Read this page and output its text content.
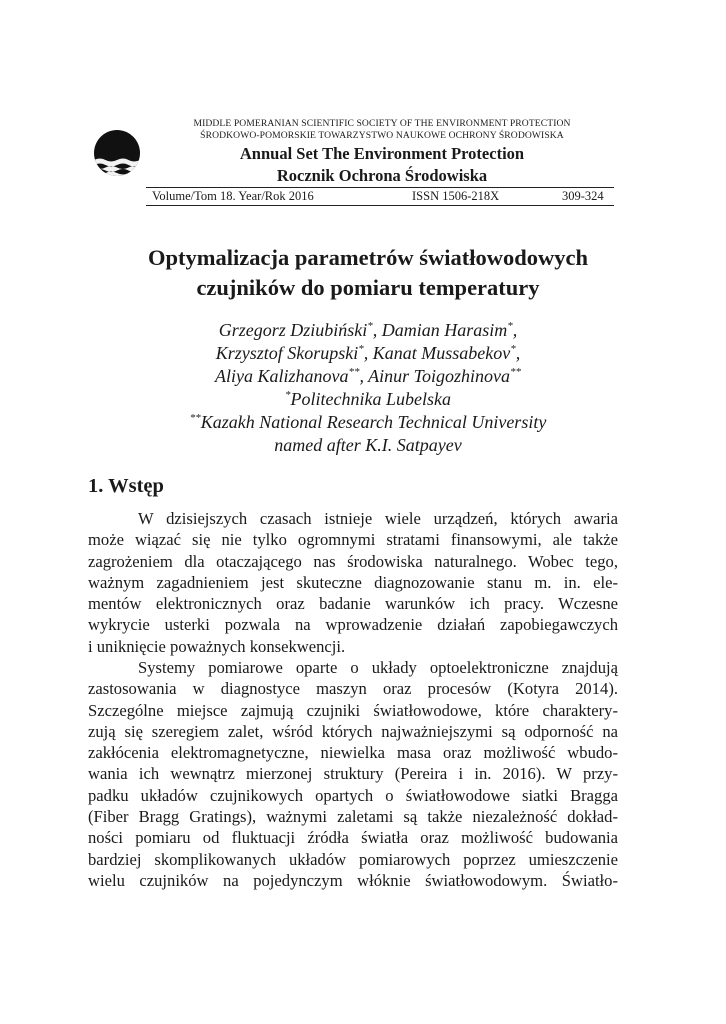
MIDDLE POMERANIAN SCIENTIFIC SOCIETY OF THE ENVIRONMENT PROTECTION
ŚRODKOWO-POMORSKIE TOWARZYSTWO NAUKOWE OCHRONY ŚRODOWISKA
Annual Set The Environment Protection
Rocznik Ochrona Środowiska
Volume/Tom 18. Year/Rok 2016	ISSN 1506-218X	309-324
Optymalizacja parametrów światłowodowych
czujników do pomiaru temperatury
Grzegorz Dziubiński*, Damian Harasim*,
Krzysztof Skorupski*, Kanat Mussabekov*,
Aliya Kalizhanova**, Ainur Toigozhinova**
*Politechnika Lubelska
**Kazakh National Research Technical University
named after K.I. Satpayev
1. Wstęp
W dzisiejszych czasach istnieje wiele urządzeń, których awaria
może wiązać się nie tylko ogromnymi stratami finansowymi, ale także
zagrożeniem dla otaczającego nas środowiska naturalnego. Wobec tego,
ważnym zagadnieniem jest skuteczne diagnozowanie stanu m. in. ele-
mentów elektronicznych oraz badanie warunków ich pracy. Wczesne
wykrycie usterki pozwala na wprowadzenie działań zapobiegawczych
i uniknięcie poważnych konsekwencji.
Systemy pomiarowe oparte o układy optoelektroniczne znajdują
zastosowania w diagnostyce maszyn oraz procesów (Kotyra 2014).
Szczególne miejsce zajmują czujniki światłowodowe, które charaktery-
zują się szeregiem zalet, wśród których najważniejszymi są odporność na
zakłócenia elektromagnetyczne, niewielka masa oraz możliwość wbudo-
wania ich wewnątrz mierzonej struktury (Pereira i in. 2016). W przy-
padku układów czujnikowych opartych o światłowodowe siatki Bragga
(Fiber Bragg Gratings), ważnymi zaletami są także niezależność dokład-
ności pomiaru od fluktuacji źródła światła oraz możliwość budowania
bardziej skomplikowanych układów pomiarowych poprzez umieszczenie
wielu czujników na pojedynczym włóknie światłowodowym. Światło-
